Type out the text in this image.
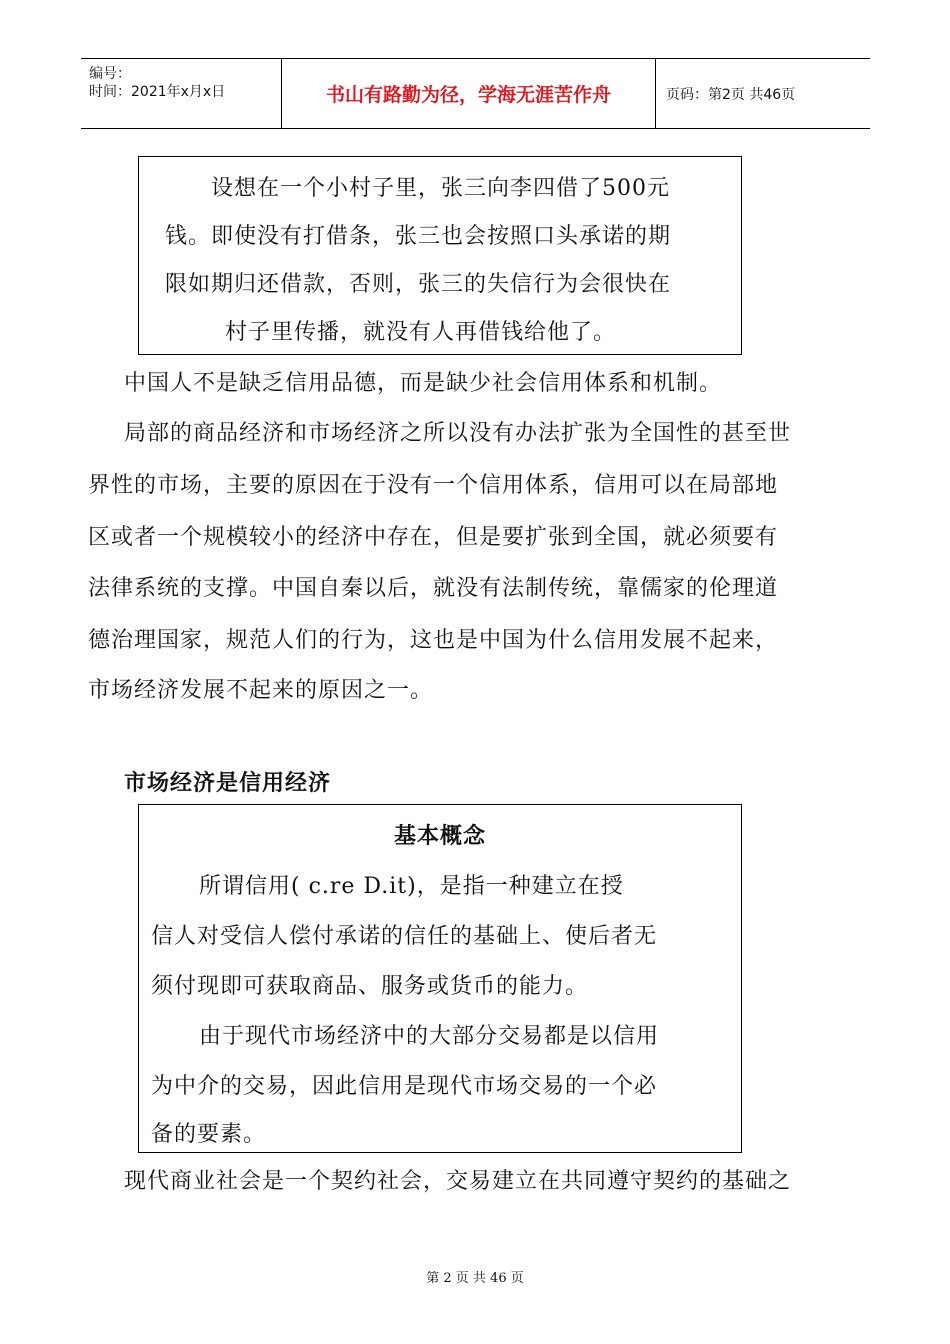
编号：
时间：2021年x月x日	书山有路勤为径，学海无涯苦作舟	页码：第2页 共46页
设想在一个小村子里，张三向李四借了500元
钱。即使没有打借条，张三也会按照口头承诺的期
限如期归还借款，否则，张三的失信行为会很快在
村子里传播，就没有人再借钱给他了。
中国人不是缺乏信用品德，而是缺少社会信用体系和机制。
局部的商品经济和市场经济之所以没有办法扩张为全国性的甚至世
界性的市场，主要的原因在于没有一个信用体系，信用可以在局部地
区或者一个规模较小的经济中存在，但是要扩张到全国，就必须要有
法律系统的支撑。中国自秦以后，就没有法制传统，靠儒家的伦理道
德治理国家，规范人们的行为，这也是中国为什么信用发展不起来，
市场经济发展不起来的原因之一。
市场经济是信用经济
基本概念
所谓信用( c.re D.it)，是指一种建立在授
信人对受信人偿付承诺的信任的基础上、使后者无
须付现即可获取商品、服务或货币的能力。
由于现代市场经济中的大部分交易都是以信用
为中介的交易，因此信用是现代市场交易的一个必
备的要素。
现代商业社会是一个契约社会，交易建立在共同遵守契约的基础之
第 2 页 共 46 页
